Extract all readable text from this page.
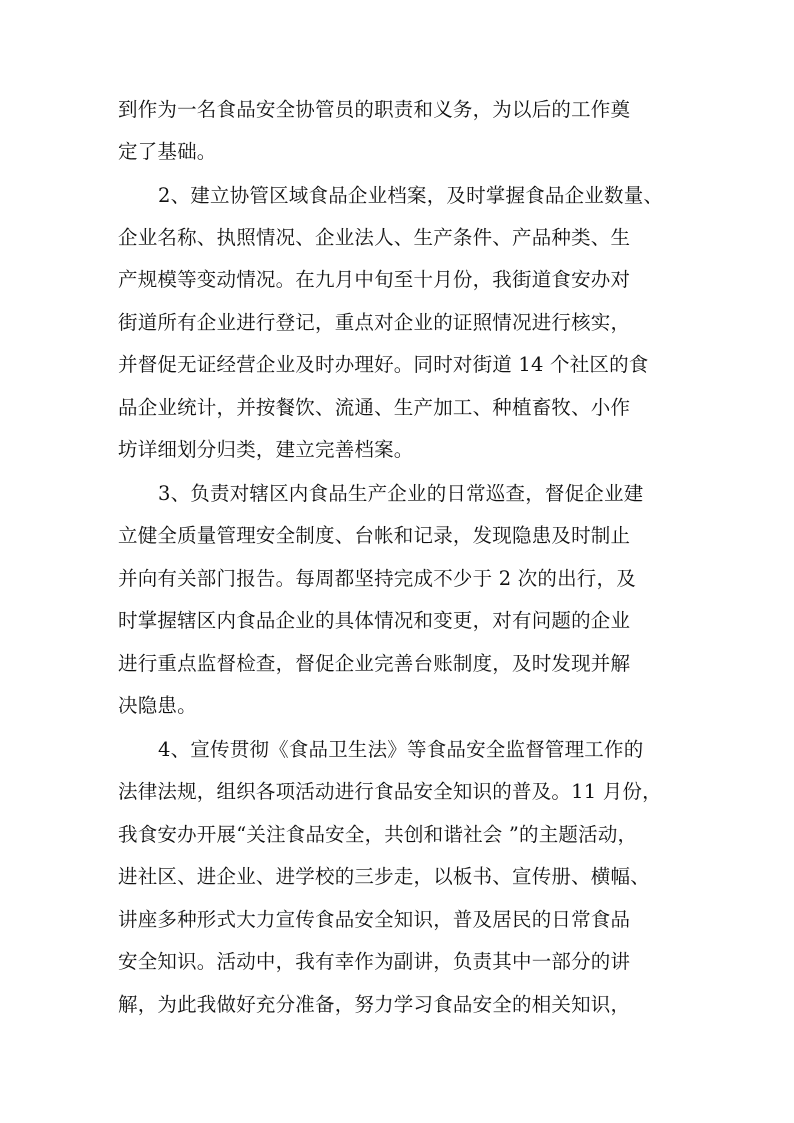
到作为一名食品安全协管员的职责和义务，为以后的工作奠
定了基础。
2、建立协管区域食品企业档案，及时掌握食品企业数量、
企业名称、执照情况、企业法人、生产条件、产品种类、生
产规模等变动情况。在九月中旬至十月份，我街道食安办对
街道所有企业进行登记，重点对企业的证照情况进行核实，
并督促无证经营企业及时办理好。同时对街道 14 个社区的食
品企业统计，并按餐饮、流通、生产加工、种植畜牧、小作
坊详细划分归类，建立完善档案。
3、负责对辖区内食品生产企业的日常巡查，督促企业建
立健全质量管理安全制度、台帐和记录，发现隐患及时制止
并向有关部门报告。每周都坚持完成不少于 2 次的出行，及
时掌握辖区内食品企业的具体情况和变更，对有问题的企业
进行重点监督检查，督促企业完善台账制度，及时发现并解
决隐患。
4、宣传贯彻《食品卫生法》等食品安全监督管理工作的
法律法规，组织各项活动进行食品安全知识的普及。11 月份，
我食安办开展“关注食品安全，共创和谐社会 ”的主题活动，
进社区、进企业、进学校的三步走，以板书、宣传册、横幅、
讲座多种形式大力宣传食品安全知识，普及居民的日常食品
安全知识。活动中，我有幸作为副讲，负责其中一部分的讲
解，为此我做好充分准备，努力学习食品安全的相关知识，
